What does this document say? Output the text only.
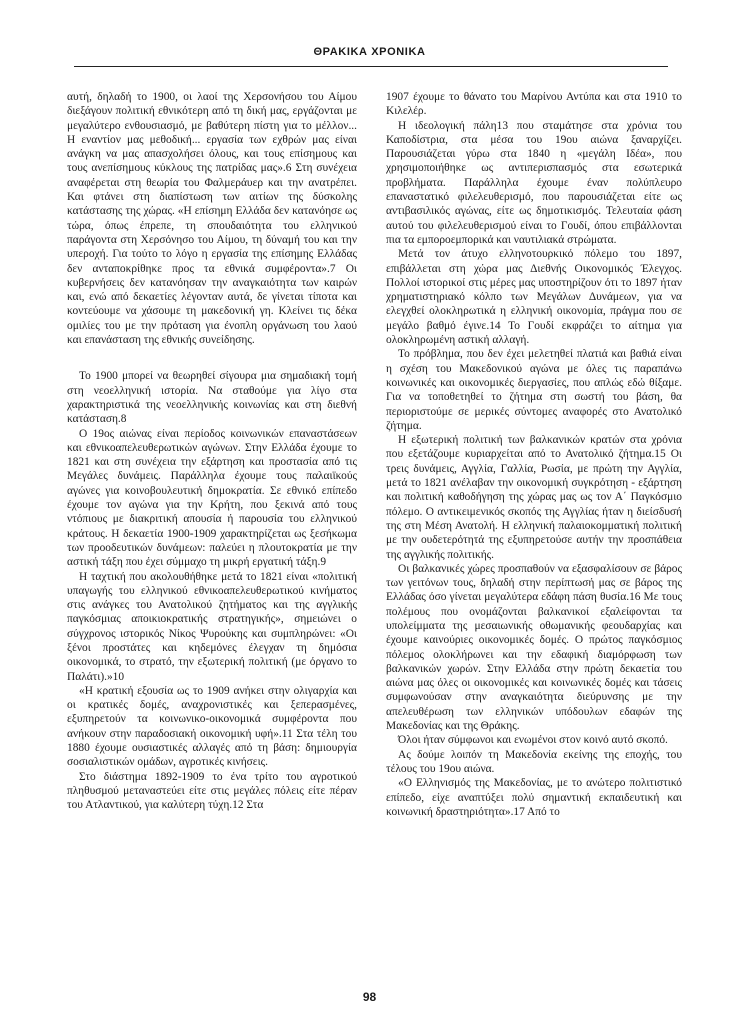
ΘΡΑΚΙΚΑ ΧΡΟΝΙΚΑ

αυτή, δηλαδή το 1900, οι λαοί της Χερσονήσου του Αίμου διεξάγουν πολιτική εθνικότερη από τη δική μας, εργάζονται με μεγαλύτερο ενθουσιασμό, με βαθύτερη πίστη για το μέλλον... Η εναντίον μας μεθοδική... εργασία των εχθρών μας είναι ανάγκη να μας απασχολήσει όλους, και τους επίσημους και τους ανεπίσημους κύκλους της πατρίδας μας».6 Στη συνέχεια αναφέρεται στη θεωρία του Φαλμεράυερ και την ανατρέπει. Και φτάνει στη διαπίστωση των αιτίων της δύσκολης κατάστασης της χώρας. «Η επίσημη Ελλάδα δεν κατανόησε ως τώρα, όπως έπρεπε, τη σπουδαιότητα του ελληνικού παράγοντα στη Χερσόνησο του Αίμου, τη δύναμή του και την υπεροχή. Για τούτο το λόγο η εργασία της επίσημης Ελλάδας δεν ανταποκρίθηκε προς τα εθνικά συμφέροντα».7 Οι κυβερνήσεις δεν κατανόησαν την αναγκαιότητα των καιρών και, ενώ από δεκαετίες λέγονταν αυτά, δε γίνεται τίποτα και κοντεύουμε να χάσουμε τη μακεδονική γη. Κλείνει τις δέκα ομιλίες του με την πρόταση για ένοπλη οργάνωση του λαού και επανάσταση της εθνικής συνείδησης.

Το 1900 μπορεί να θεωρηθεί σίγουρα μια σημαδιακή τομή στη νεοελληνική ιστορία. Να σταθούμε για λίγο στα χαρακτηριστικά της νεοελληνικής κοινωνίας και στη διεθνή κατάσταση.8

Ο 19ος αιώνας είναι περίοδος κοινωνικών επαναστάσεων και εθνικοαπελευθερωτικών αγώνων. Στην Ελλάδα έχουμε το 1821 και στη συνέχεια την εξάρτηση και προστασία από τις Μεγάλες δυνάμεις. Παράλληλα έχουμε τους παλαιϊκούς αγώνες για κοινοβουλευτική δημοκρατία. Σε εθνικό επίπεδο έχουμε τον αγώνα για την Κρήτη, που ξεκινά από τους ντόπιους με διακριτική απουσία ή παρουσία του ελληνικού κράτους. Η δεκαετία 1900-1909 χαρακτηρίζεται ως ξεσήκωμα των προοδευτικών δυνάμεων: παλεύει η πλουτοκρατία με την αστική τάξη που έχει σύμμαχο τη μικρή εργατική τάξη.9

Η ταχτική που ακολουθήθηκε μετά το 1821 είναι «πολιτική υπαγωγής του ελληνικού εθνικοαπελευθερωτικού κινήματος στις ανάγκες του Ανατολικού ζητήματος και της αγγλικής παγκόσμιας αποικιοκρατικής στρατηγικής», σημειώνει ο σύγχρονος ιστορικός Νίκος Ψυρούκης και συμπληρώνει: «Οι ξένοι προστάτες και κηδεμόνες έλεγχαν τη δημόσια οικονομικά, το στρατό, την εξωτερική πολιτική (με όργανο το Παλάτι).»10

«Η κρατική εξουσία ως το 1909 ανήκει στην ολιγαρχία και οι κρατικές δομές, αναχρονιστικές και ξεπερασμένες, εξυπηρετούν τα κοινωνικο-οικονομικά συμφέροντα που ανήκουν στην παραδοσιακή οικονομική υφή».11 Στα τέλη του 1880 έχουμε ουσιαστικές αλλαγές από τη βάση: δημιουργία σοσιαλιστικών ομάδων, αγροτικές κινήσεις.

Στο διάστημα 1892-1909 το ένα τρίτο του αγροτικού πληθυσμού μεταναστεύει είτε στις μεγάλες πόλεις είτε πέραν του Ατλαντικού, για καλύτερη τύχη.12 Στα

1907 έχουμε το θάνατο του Μαρίνου Αντύπα και στα 1910 το Κιλελέρ.

Η ιδεολογική πάλη13 που σταμάτησε στα χρόνια του Καποδίστρια, στα μέσα του 19ου αιώνα ξαναρχίζει. Παρουσιάζεται γύρω στα 1840 η «μεγάλη Ιδέα», που χρησιμοποιήθηκε ως αντιπερισπασμός στα εσωτερικά προβλήματα. Παράλληλα έχουμε έναν πολύπλευρο επαναστατικό φιλελευθερισμό, που παρουσιάζεται είτε ως αντιβασιλικός αγώνας, είτε ως δημοτικισμός. Τελευταία φάση αυτού του φιλελευθερισμού είναι το Γουδί, όπου επιβάλλονται πια τα εμποροεμπορικά και ναυτιλιακά στρώματα.

Μετά τον άτυχο ελληνοτουρκικό πόλεμο του 1897, επιβάλλεται στη χώρα μας Διεθνής Οικονομικός Έλεγχος. Πολλοί ιστορικοί στις μέρες μας υποστηρίζουν ότι το 1897 ήταν χρηματιστηριακό κόλπο των Μεγάλων Δυνάμεων, για να ελεγχθεί ολοκληρωτικά η ελληνική οικονομία, πράγμα που σε μεγάλο βαθμό έγινε.14 Το Γουδί εκφράζει το αίτημα για ολοκληρωμένη αστική αλλαγή.

Το πρόβλημα, που δεν έχει μελετηθεί πλατιά και βαθιά είναι η σχέση του Μακεδονικού αγώνα με όλες τις παραπάνω κοινωνικές και οικονομικές διεργασίες, που απλώς εδώ θίξαμε. Για να τοποθετηθεί το ζήτημα στη σωστή του βάση, θα περιοριστούμε σε μερικές σύντομες αναφορές στο Ανατολικό ζήτημα.

Η εξωτερική πολιτική των βαλκανικών κρατών στα χρόνια που εξετάζουμε κυριαρχείται από το Ανατολικό ζήτημα.15 Οι τρεις δυνάμεις, Αγγλία, Γαλλία, Ρωσία, με πρώτη την Αγγλία, μετά το 1821 ανέλαβαν την οικονομική συγκρότηση - εξάρτηση και πολιτική καθοδήγηση της χώρας μας ως τον Α΄ Παγκόσμιο πόλεμο. Ο αντικειμενικός σκοπός της Αγγλίας ήταν η διείσδυσή της στη Μέση Ανατολή. Η ελληνική παλαιοκομματική πολιτική με την ουδετερότητά της εξυπηρετούσε αυτήν την προσπάθεια της αγγλικής πολιτικής.

Οι βαλκανικές χώρες προσπαθούν να εξασφαλίσουν σε βάρος των γειτόνων τους, δηλαδή στην περίπτωσή μας σε βάρος της Ελλάδας όσο γίνεται μεγαλύτερα εδάφη πάση θυσία.16 Με τους πολέμους που ονομάζονται βαλκανικοί εξαλείφονται τα υπολείμματα της μεσαιωνικής οθωμανικής φεουδαρχίας και έχουμε καινούριες οικονομικές δομές. Ο πρώτος παγκόσμιος πόλεμος ολοκλήρωνει και την εδαφική διαμόρφωση των βαλκανικών χωρών. Στην Ελλάδα στην πρώτη δεκαετία του αιώνα μας όλες οι οικονομικές και κοινωνικές δομές και τάσεις συμφωνούσαν στην αναγκαιότητα διεύρυνσης με την απελευθέρωση των ελληνικών υπόδουλων εδαφών της Μακεδονίας και της Θράκης.

Όλοι ήταν σύμφωνοι και ενωμένοι στον κοινό αυτό σκοπό.

Ας δούμε λοιπόν τη Μακεδονία εκείνης της εποχής, του τέλους του 19ου αιώνα.

«Ο Ελληνισμός της Μακεδονίας, με το ανώτερο πολιτιστικό επίπεδο, είχε αναπτύξει πολύ σημαντική εκπαιδευτική και κοινωνική δραστηριότητα».17 Από το

98
